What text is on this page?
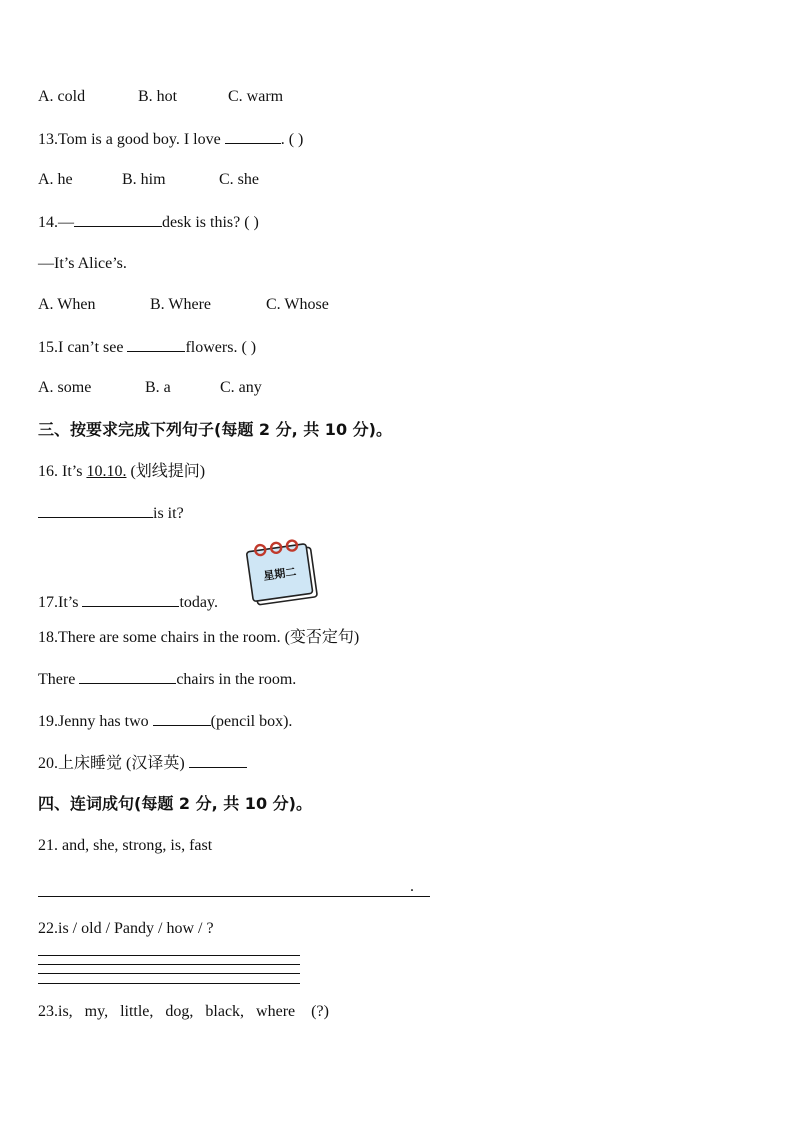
A. cold	B. hot	C. warm
13.Tom is a good boy. I love	. ( )
A. he	B. him	C. she
14.—	desk is this? ( )
—It’s Alice’s.
A. When	B. Where	C. Whose
15.I can’t see	flowers. ( )
A. some	B. a	C. any
三、按要求完成下列句子(每题 2 分, 共 10 分)。
16. It’s 10.10. (划线提问)
is it?
星期二
17.It’s	today.
18.There are some chairs in the room. (变否定句)
There	chairs in the room.
19.Jenny has two	(pencil box).
20.上床睡觉 (汉译英)
四、连词成句(每题 2 分, 共 10 分)。
21. and, she, strong, is, fast
.
22.is / old / Pandy / how / ?
23.is,   my,   little,   dog,   black,   where    (?)
